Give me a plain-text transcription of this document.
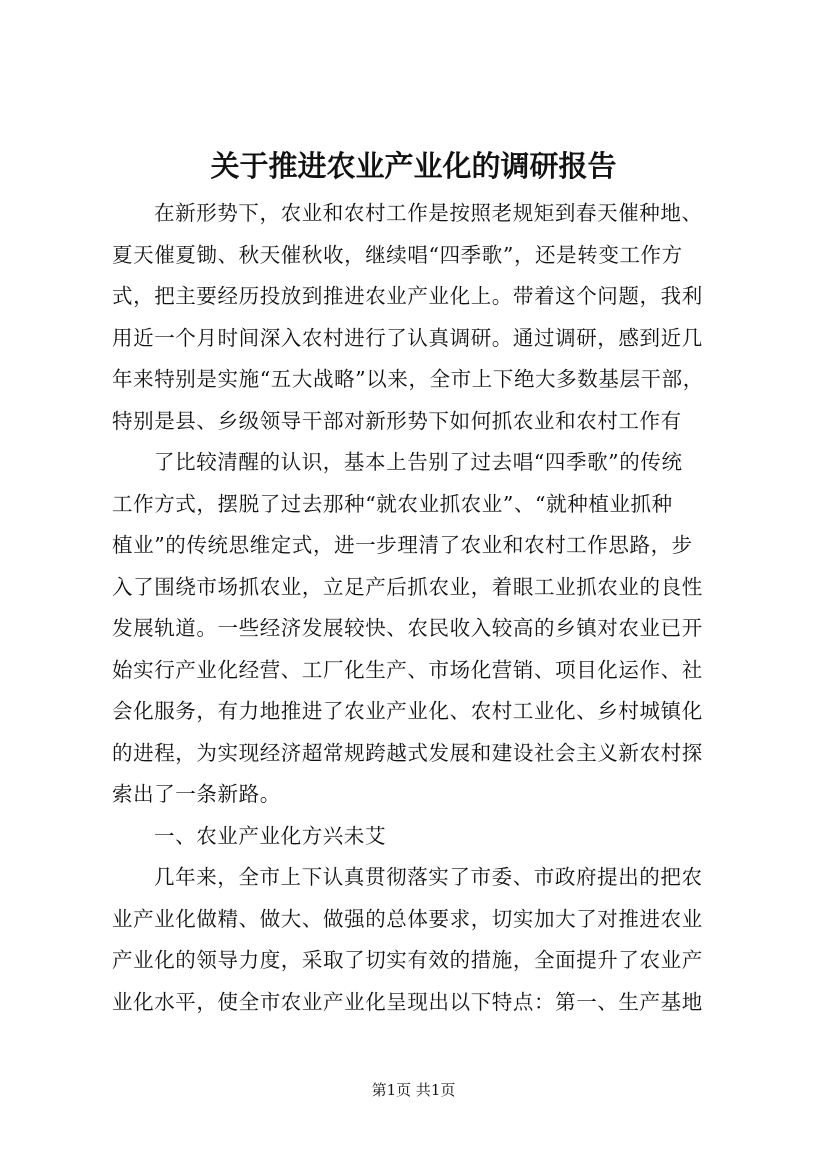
关于推进农业产业化的调研报告
在新形势下，农业和农村工作是按照老规矩到春天催种地、
夏天催夏锄、秋天催秋收，继续唱“四季歌”，还是转变工作方
式，把主要经历投放到推进农业产业化上。带着这个问题，我利
用近一个月时间深入农村进行了认真调研。通过调研，感到近几
年来特别是实施“五大战略”以来，全市上下绝大多数基层干部，
特别是县、乡级领导干部对新形势下如何抓农业和农村工作有
了比较清醒的认识，基本上告别了过去唱“四季歌”的传统
工作方式，摆脱了过去那种“就农业抓农业”、“就种植业抓种
植业”的传统思维定式，进一步理清了农业和农村工作思路，步
入了围绕市场抓农业，立足产后抓农业，着眼工业抓农业的良性
发展轨道。一些经济发展较快、农民收入较高的乡镇对农业已开
始实行产业化经营、工厂化生产、市场化营销、项目化运作、社
会化服务，有力地推进了农业产业化、农村工业化、乡村城镇化
的进程，为实现经济超常规跨越式发展和建设社会主义新农村探
索出了一条新路。
一、农业产业化方兴未艾
几年来，全市上下认真贯彻落实了市委、市政府提出的把农
业产业化做精、做大、做强的总体要求，切实加大了对推进农业
产业化的领导力度，采取了切实有效的措施，全面提升了农业产
业化水平，使全市农业产业化呈现出以下特点：第一、生产基地
第1页 共1页
